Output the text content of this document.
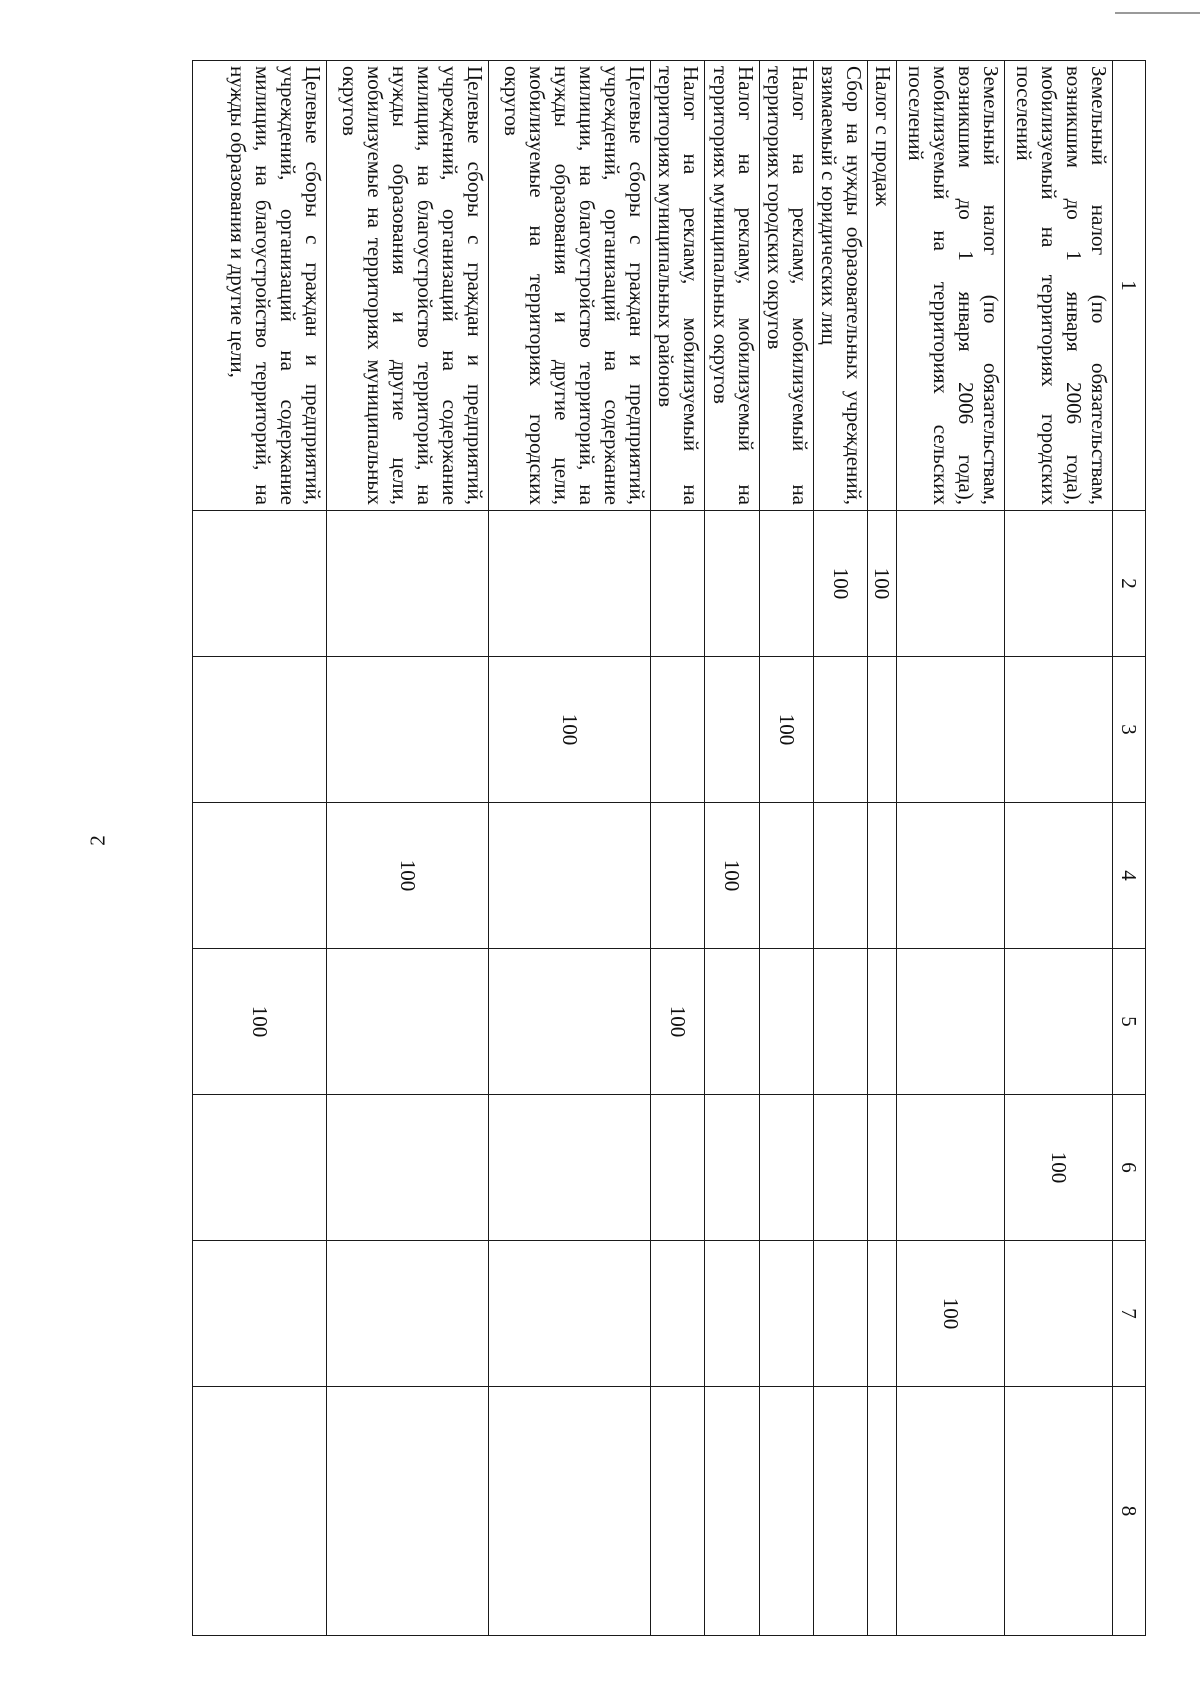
2
1	2	3	4	5	6	7	8
Земельный налог (по обязательствам, возникшим до 1 января 2006 года), мобилизуемый на территориях городских поселений					100		
Земельный налог (по обязательствам, возникшим до 1 января 2006 года), мобилизуемый на территориях сельских поселений						100	
Налог с продаж	100						
Сбор на нужды образовательных учреждений, взимаемый с юридических лиц	100						
Налог на рекламу, мобилизуемый на территориях городских округов		100					
Налог на рекламу, мобилизуемый на территориях муниципальных округов			100				
Налог на рекламу, мобилизуемый на территориях муниципальных районов				100			
Целевые сборы с граждан и предприятий, учреждений, организаций на содержание милиции, на благоустройство территорий, на нужды образования и другие цели, мобилизуемые на территориях городских округов		100					
Целевые сборы с граждан и предприятий, учреждений, организаций на содержание милиции, на благоустройство территорий, на нужды образования и другие цели, мобилизуемые на территориях муниципальных округов			100				
Целевые сборы с граждан и предприятий, учреждений, организаций на содержание милиции, на благоустройство территорий, на нужды образования и другие цели,				100			
